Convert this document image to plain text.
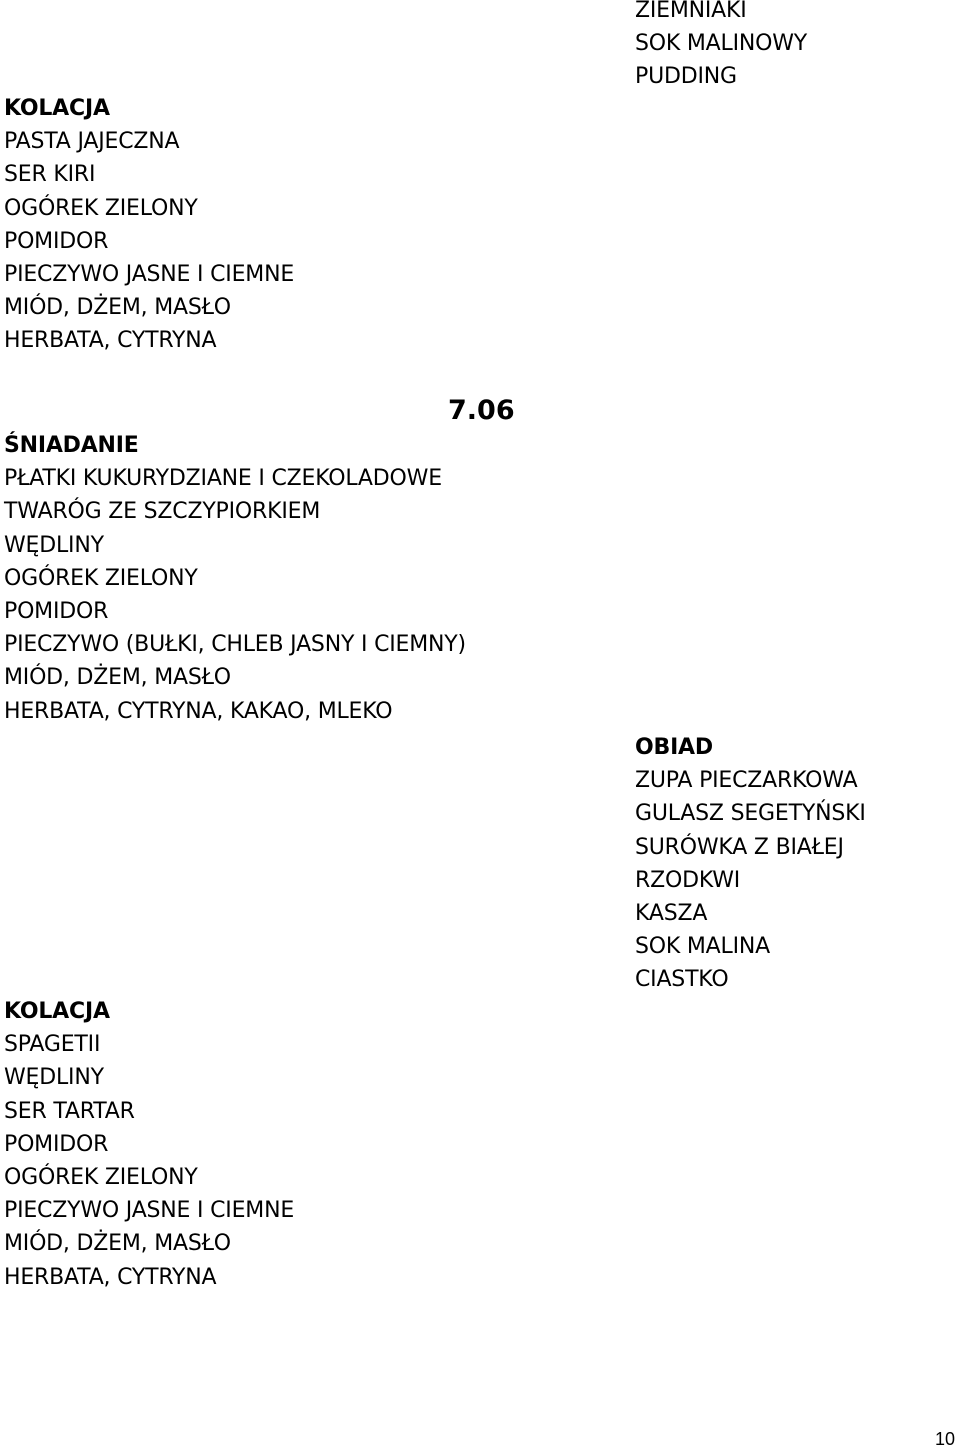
ZIEMNIAKI
SOK MALINOWY
PUDDING
KOLACJA
PASTA JAJECZNA
SER KIRI
OGÓREK ZIELONY
POMIDOR
PIECZYWO JASNE I CIEMNE
MIÓD, DŻEM, MASŁO
HERBATA, CYTRYNA
7.06
ŚNIADANIE
PŁATKI KUKURYDZIANE I CZEKOLADOWE
TWARÓG ZE SZCZYPIORKIEM
WĘDLINY
OGÓREK ZIELONY
POMIDOR
PIECZYWO (BUŁKI, CHLEB JASNY I CIEMNY)
MIÓD, DŻEM, MASŁO
HERBATA, CYTRYNA, KAKAO, MLEKO
OBIAD
ZUPA PIECZARKOWA
GULASZ SEGETYŃSKI
SURÓWKA Z BIAŁEJ
RZODKWI
KASZA
SOK MALINA
CIASTKO
KOLACJA
SPAGETII
WĘDLINY
SER TARTAR
POMIDOR
OGÓREK ZIELONY
PIECZYWO JASNE I CIEMNE
MIÓD, DŻEM, MASŁO
HERBATA, CYTRYNA
10
